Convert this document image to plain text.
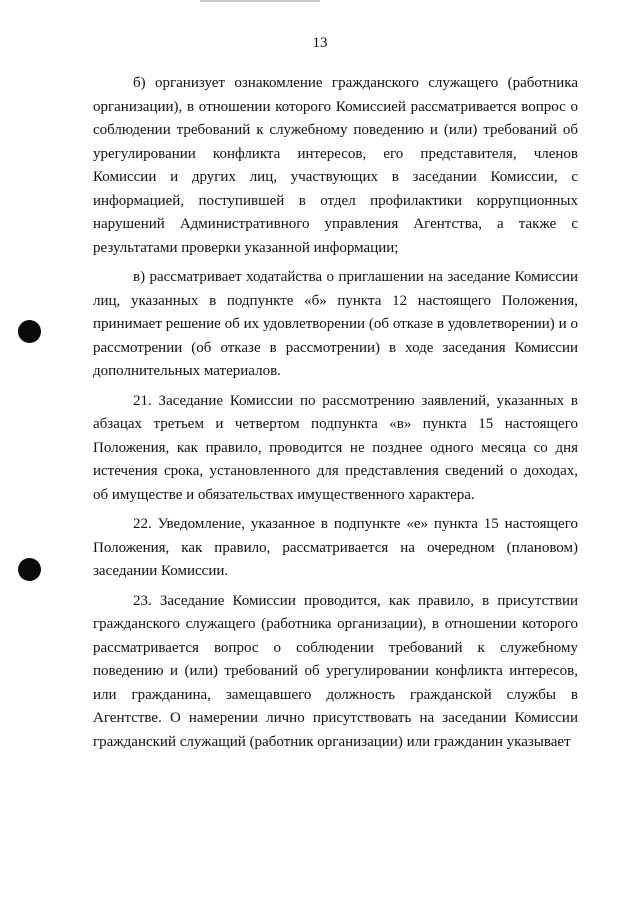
13

б) организует ознакомление гражданского служащего (работника организации), в отношении которого Комиссией рассматривается вопрос о соблюдении требований к служебному поведению и (или) требований об урегулировании конфликта интересов, его представителя, членов Комиссии и других лиц, участвующих в заседании Комиссии, с информацией, поступившей в отдел профилактики коррупционных нарушений Административного управления Агентства, а также с результатами проверки указанной информации;

в) рассматривает ходатайства о приглашении на заседание Комиссии лиц, указанных в подпункте «б» пункта 12 настоящего Положения, принимает решение об их удовлетворении (об отказе в удовлетворении) и о рассмотрении (об отказе в рассмотрении) в ходе заседания Комиссии дополнительных материалов.

21. Заседание Комиссии по рассмотрению заявлений, указанных в абзацах третьем и четвертом подпункта «в» пункта 15 настоящего Положения, как правило, проводится не позднее одного месяца со дня истечения срока, установленного для представления сведений о доходах, об имуществе и обязательствах имущественного характера.

22. Уведомление, указанное в подпункте «е» пункта 15 настоящего Положения, как правило, рассматривается на очередном (плановом) заседании Комиссии.

23. Заседание Комиссии проводится, как правило, в присутствии гражданского служащего (работника организации), в отношении которого рассматривается вопрос о соблюдении требований к служебному поведению и (или) требований об урегулировании конфликта интересов, или гражданина, замещавшего должность гражданской службы в Агентстве. О намерении лично присутствовать на заседании Комиссии гражданский служащий (работник организации) или гражданин указывает
